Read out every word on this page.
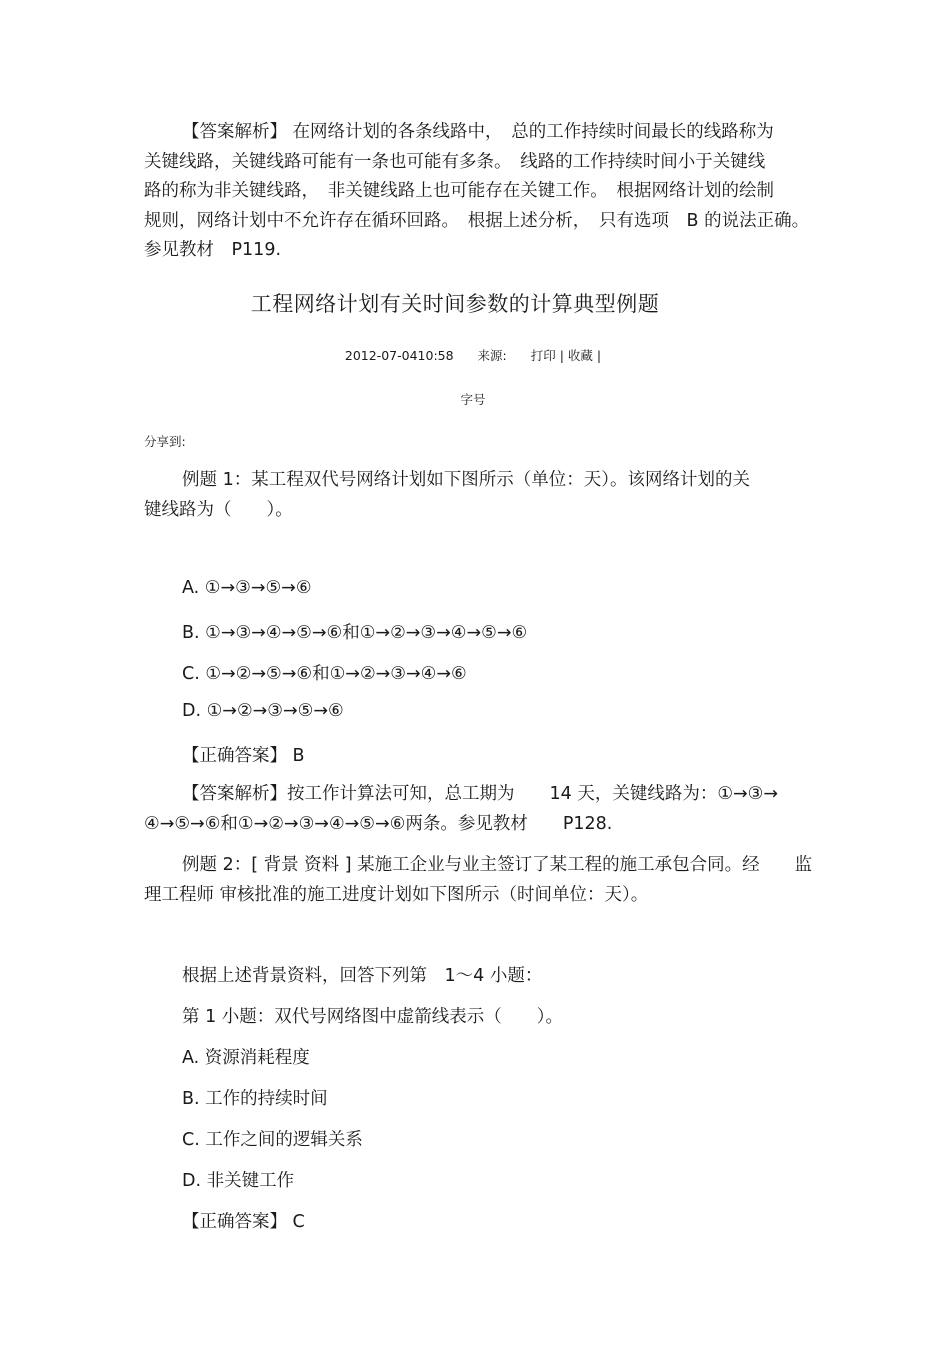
【答案解析】 在网络计划的各条线路中，　总的工作持续时间最长的线路称为
关键线路，关键线路可能有一条也可能有多条。　线路的工作持续时间小于关键线
路的称为非关键线路，　非关键线路上也可能存在关键工作。　根据网络计划的绘制
规则，网络计划中不允许存在循环回路。　根据上述分析，　只有选项　B 的说法正确。
参见教材　P119.
工程网络计划有关时间参数的计算典型例题
2012-07-0410:58 来源: 打印 | 收藏 |
字号
分享到:
例题 1：某工程双代号网络计划如下图所示（单位：天）。该网络计划的关
键线路为（　　）。
A. ①→③→⑤→⑥
B. ①→③→④→⑤→⑥和①→②→③→④→⑤→⑥
C. ①→②→⑤→⑥和①→②→③→④→⑥
D. ①→②→③→⑤→⑥
【正确答案】 B
【答案解析】按工作计算法可知，总工期为　　14 天，关键线路为：①→③→
④→⑤→⑥和①→②→③→④→⑤→⑥两条。参见教材　　P128.
例题 2：[ 背景 资料 ] 某施工企业与业主签订了某工程的施工承包合同。经　　监
理工程师 审核批准的施工进度计划如下图所示（时间单位：天）。
根据上述背景资料，回答下列第　1～4 小题：
第 1 小题：双代号网络图中虚箭线表示（　　）。
A. 资源消耗程度
B. 工作的持续时间
C. 工作之间的逻辑关系
D. 非关键工作
【正确答案】 C
